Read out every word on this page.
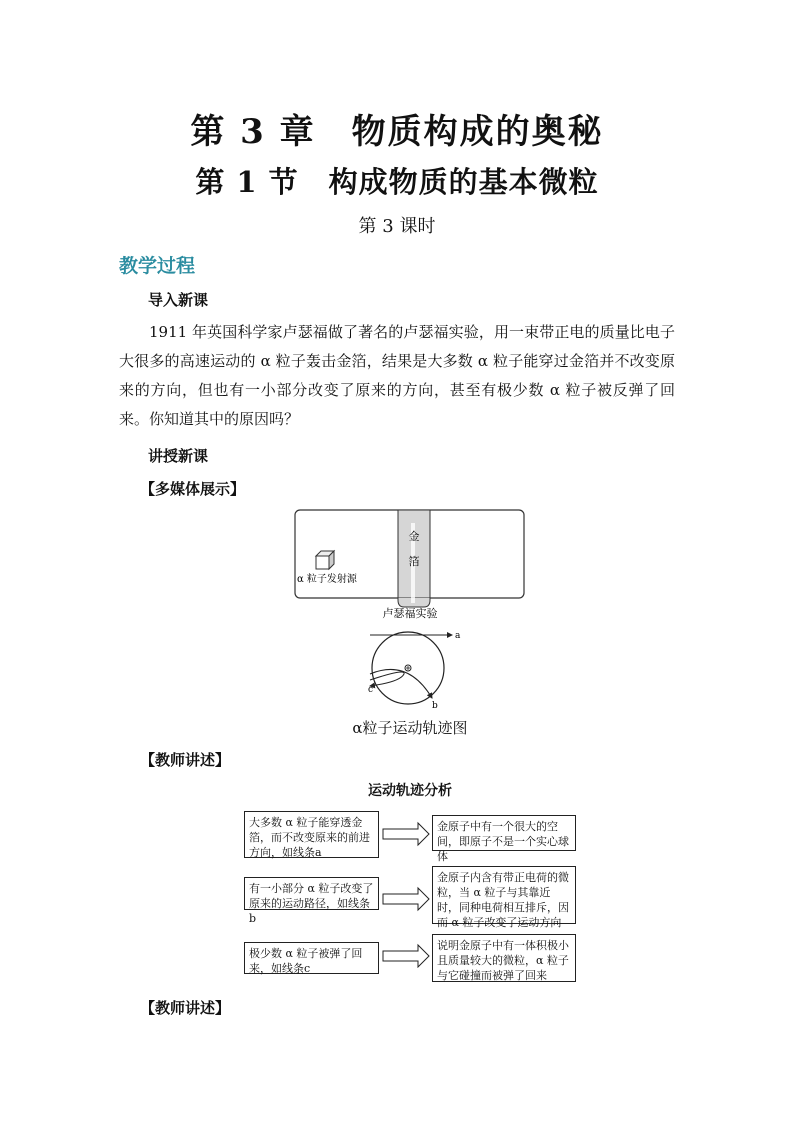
第 3 章　物质构成的奥秘
第 1 节　构成物质的基本微粒
第 3 课时
教学过程
导入新课
1911 年英国科学家卢瑟福做了著名的卢瑟福实验，用一束带正电的质量比电子大很多的高速运动的 α 粒子轰击金箔，结果是大多数 α 粒子能穿过金箔并不改变原来的方向，但也有一小部分改变了原来的方向，甚至有极少数 α 粒子被反弹了回来。你知道其中的原因吗？
讲授新课
【多媒体展示】
金
箔
α 粒子发射源
卢瑟福实验
a
b
c
α粒子运动轨迹图
【教师讲述】
运动轨迹分析
大多数 α 粒子能穿透金箔，而不改变原来的前进方向，如线条a
金原子中有一个很大的空间，即原子不是一个实心球体
有一小部分 α 粒子改变了原来的运动路径，如线条b
金原子内含有带正电荷的微粒，当 α 粒子与其靠近时，同种电荷相互排斥，因而 α 粒子改变了运动方向
极少数 α 粒子被弹了回来，如线条c
说明金原子中有一体积极小且质量较大的微粒，α 粒子与它碰撞而被弹了回来
【教师讲述】
